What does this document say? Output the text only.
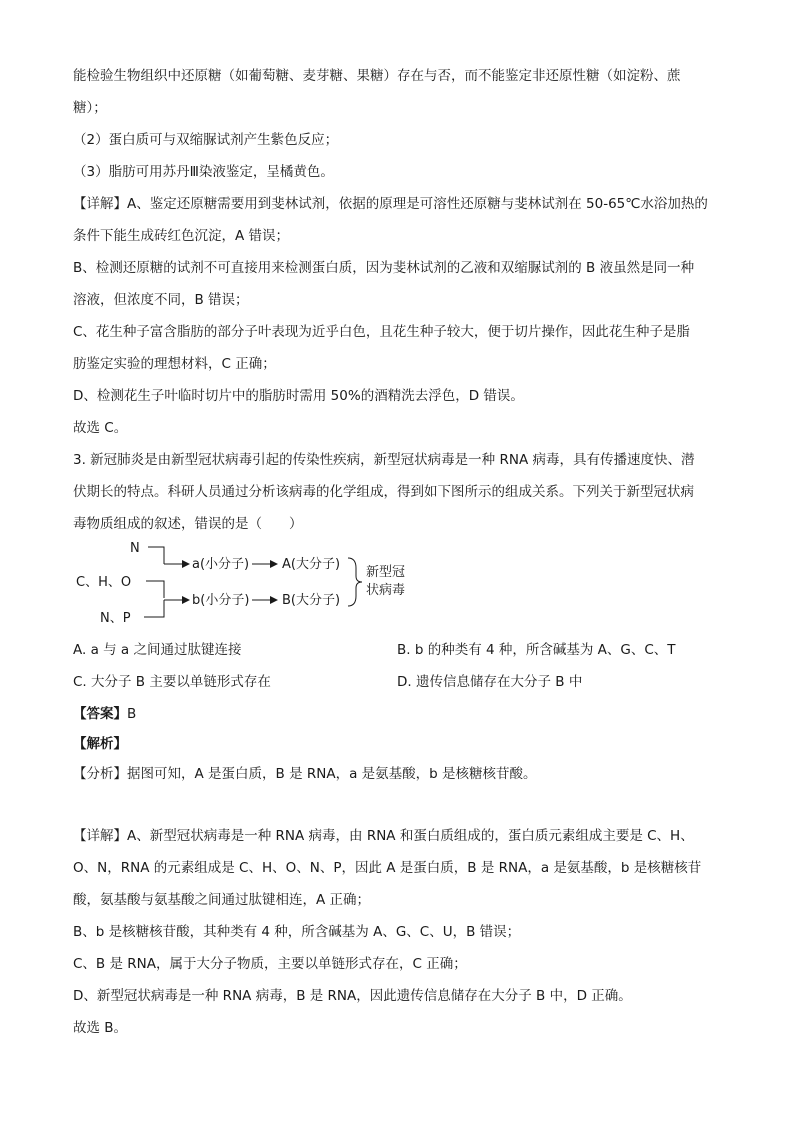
能检验生物组织中还原糖（如葡萄糖、麦芽糖、果糖）存在与否，而不能鉴定非还原性糖（如淀粉、蔗
糖）；
（2）蛋白质可与双缩脲试剂产生紫色反应；
（3）脂肪可用苏丹Ⅲ染液鉴定，呈橘黄色。
【详解】A、鉴定还原糖需要用到斐林试剂，依据的原理是可溶性还原糖与斐林试剂在 50-65℃水浴加热的
条件下能生成砖红色沉淀，A 错误；
B、检测还原糖的试剂不可直接用来检测蛋白质，因为斐林试剂的乙液和双缩脲试剂的 B 液虽然是同一种
溶液，但浓度不同，B 错误；
C、花生种子富含脂肪的部分子叶表现为近乎白色，且花生种子较大，便于切片操作，因此花生种子是脂
肪鉴定实验的理想材料，C 正确；
D、检测花生子叶临时切片中的脂肪时需用 50%的酒精洗去浮色，D 错误。
故选 C。
3. 新冠肺炎是由新型冠状病毒引起的传染性疾病，新型冠状病毒是一种 RNA 病毒，具有传播速度快、潜
伏期长的特点。科研人员通过分析该病毒的化学组成，得到如下图所示的组成关系。下列关于新型冠状病
毒物质组成的叙述，错误的是（　　）
N
C、H、O
N、P
a(小分子)
b(小分子)
A(大分子)
B(大分子)
新型冠
状病毒
A. a 与 a 之间通过肽键连接	B. b 的种类有 4 种，所含碱基为 A、G、C、T
C. 大分子 B 主要以单链形式存在	D. 遗传信息储存在大分子 B 中
【答案】B
【解析】
【分析】据图可知，A 是蛋白质，B 是 RNA，a 是氨基酸，b 是核糖核苷酸。
【详解】A、新型冠状病毒是一种 RNA 病毒，由 RNA 和蛋白质组成的，蛋白质元素组成主要是 C、H、
O、N，RNA 的元素组成是 C、H、O、N、P，因此 A 是蛋白质，B 是 RNA，a 是氨基酸，b 是核糖核苷
酸，氨基酸与氨基酸之间通过肽键相连，A 正确；
B、b 是核糖核苷酸，其种类有 4 种，所含碱基为 A、G、C、U，B 错误；
C、B 是 RNA，属于大分子物质，主要以单链形式存在，C 正确；
D、新型冠状病毒是一种 RNA 病毒，B 是 RNA，因此遗传信息储存在大分子 B 中，D 正确。
故选 B。
